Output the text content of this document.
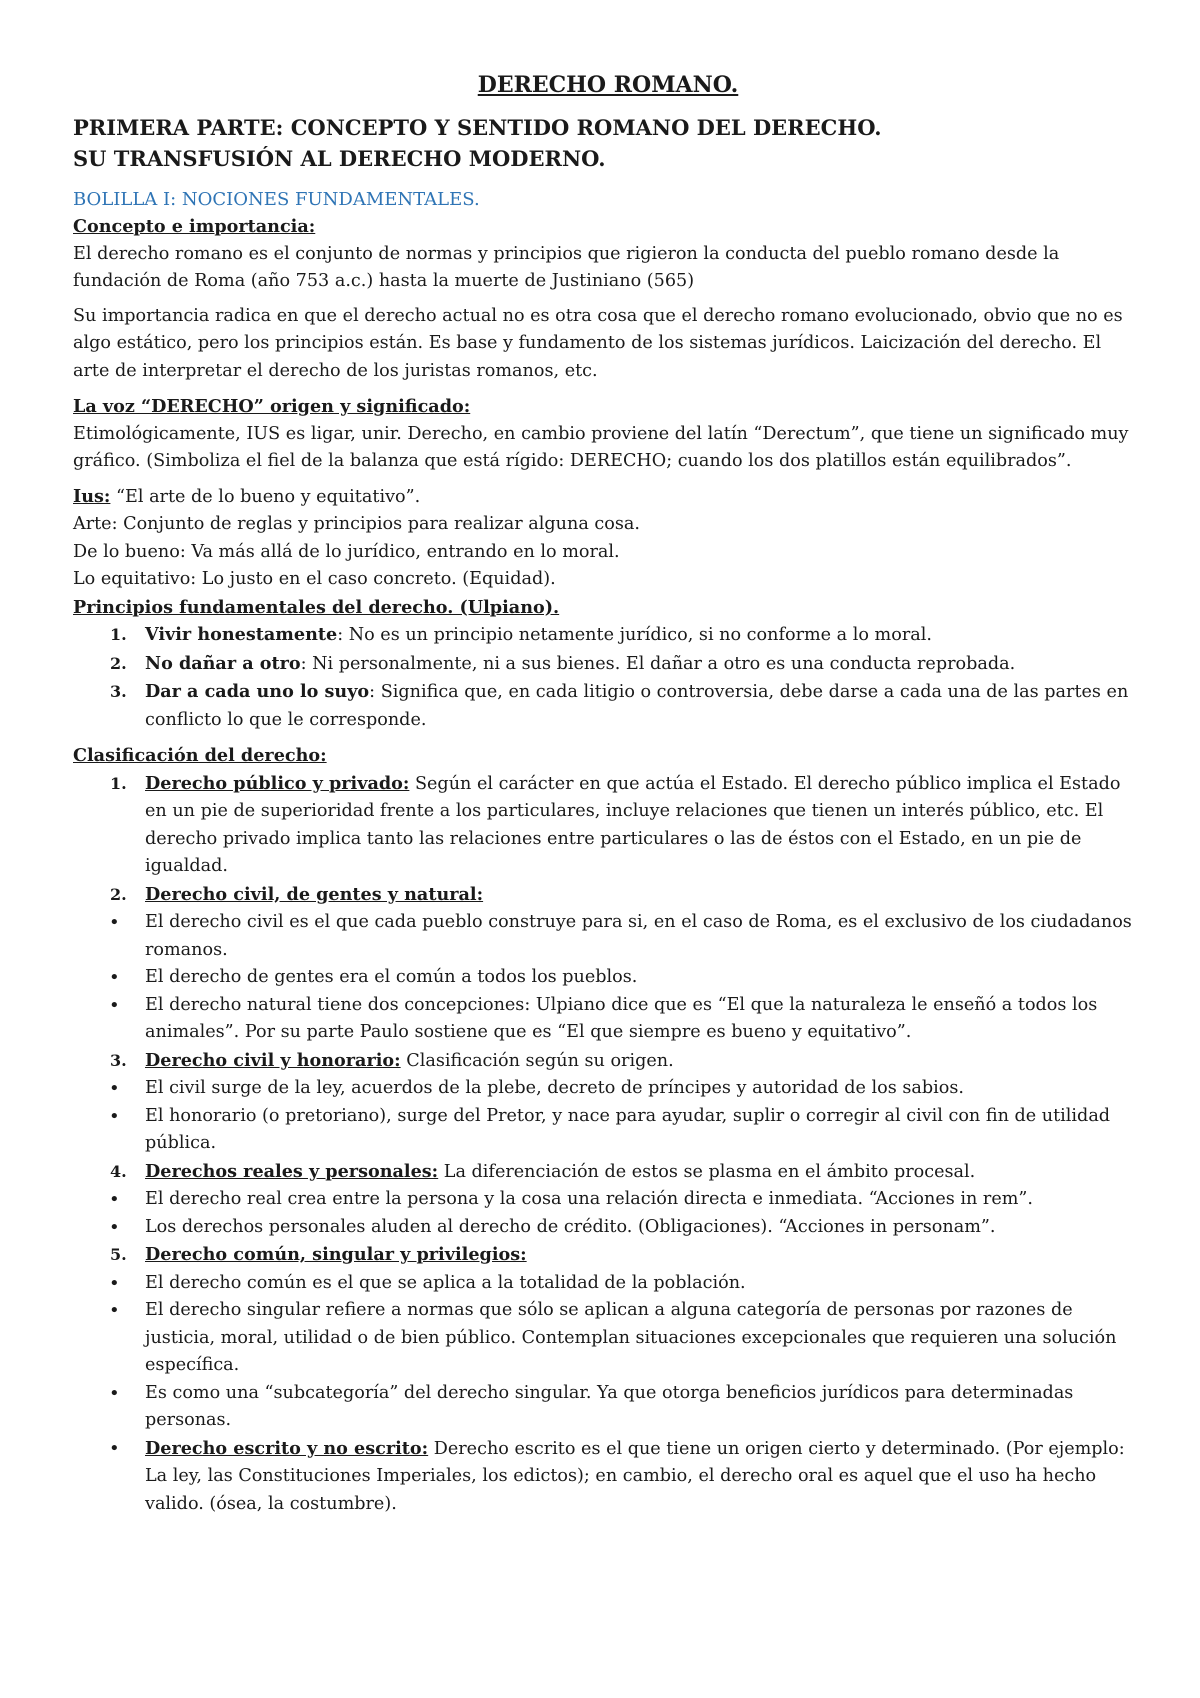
DERECHO ROMANO.
PRIMERA PARTE: CONCEPTO Y SENTIDO ROMANO DEL DERECHO.
SU TRANSFUSIÓN AL DERECHO MODERNO.
BOLILLA I: NOCIONES FUNDAMENTALES.
Concepto e importancia:

El derecho romano es el conjunto de normas y principios que rigieron la conducta del pueblo romano desde la fundación de Roma (año 753 a.c.) hasta la muerte de Justiniano (565)

Su importancia radica en que el derecho actual no es otra cosa que el derecho romano evolucionado, obvio que no es algo estático, pero los principios están. Es base y fundamento de los sistemas jurídicos. Laicización del derecho. El arte de interpretar el derecho de los juristas romanos, etc.

La voz “DERECHO” origen y significado:

Etimológicamente, IUS es ligar, unir. Derecho, en cambio proviene del latín “Derectum”, que tiene un significado muy gráfico. (Simboliza el fiel de la balanza que está rígido: DERECHO; cuando los dos platillos están equilibrados”.

Ius: “El arte de lo bueno y equitativo”.

Arte: Conjunto de reglas y principios para realizar alguna cosa.

De lo bueno: Va más allá de lo jurídico, entrando en lo moral.

Lo equitativo: Lo justo en el caso concreto. (Equidad).

Principios fundamentales del derecho. (Ulpiano).
1. Vivir honestamente: No es un principio netamente jurídico, si no conforme a lo moral.
2. No dañar a otro: Ni personalmente, ni a sus bienes. El dañar a otro es una conducta reprobada.
3. Dar a cada uno lo suyo: Significa que, en cada litigio o controversia, debe darse a cada una de las partes en conflicto lo que le corresponde.
Clasificación del derecho:
1. Derecho público y privado: Según el carácter en que actúa el Estado. El derecho público implica el Estado en un pie de superioridad frente a los particulares, incluye relaciones que tienen un interés público, etc. El derecho privado implica tanto las relaciones entre particulares o las de éstos con el Estado, en un pie de igualdad.
2. Derecho civil, de gentes y natural:
• El derecho civil es el que cada pueblo construye para si, en el caso de Roma, es el exclusivo de los ciudadanos romanos.
• El derecho de gentes era el común a todos los pueblos.
• El derecho natural tiene dos concepciones: Ulpiano dice que es “El que la naturaleza le enseñó a todos los animales”. Por su parte Paulo sostiene que es “El que siempre es bueno y equitativo”.
3. Derecho civil y honorario: Clasificación según su origen.
• El civil surge de la ley, acuerdos de la plebe, decreto de príncipes y autoridad de los sabios.
• El honorario (o pretoriano), surge del Pretor, y nace para ayudar, suplir o corregir al civil con fin de utilidad pública.
4. Derechos reales y personales: La diferenciación de estos se plasma en el ámbito procesal.
• El derecho real crea entre la persona y la cosa una relación directa e inmediata. “Acciones in rem”.
• Los derechos personales aluden al derecho de crédito. (Obligaciones). “Acciones in personam”.
5. Derecho común, singular y privilegios:
• El derecho común es el que se aplica a la totalidad de la población.
• El derecho singular refiere a normas que sólo se aplican a alguna categoría de personas por razones de justicia, moral, utilidad o de bien público. Contemplan situaciones excepcionales que requieren una solución específica.
• Es como una “subcategoría” del derecho singular. Ya que otorga beneficios jurídicos para determinadas personas.
• Derecho escrito y no escrito: Derecho escrito es el que tiene un origen cierto y determinado. (Por ejemplo: La ley, las Constituciones Imperiales, los edictos); en cambio, el derecho oral es aquel que el uso ha hecho valido. (ósea, la costumbre).
